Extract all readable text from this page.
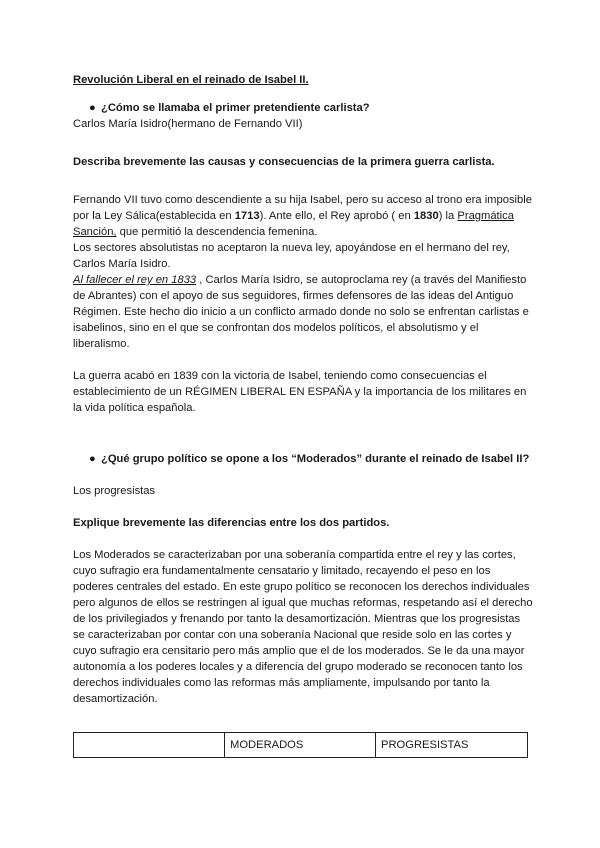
Revolución Liberal en el reinado de Isabel II.

● ¿Cómo se llamaba el primer pretendiente carlista?

Carlos María Isidro(hermano de Fernando VII)

Describa brevemente las causas y consecuencias de la primera guerra carlista.

Fernando VII tuvo como descendiente a su hija Isabel, pero su acceso al trono era imposible por la Ley Sálica(establecida en 1713). Ante ello, el Rey aprobó ( en 1830) la Pragmática Sanción, que permitió la descendencia femenina.

Los sectores absolutistas no aceptaron la nueva ley, apoyándose en el hermano del rey, Carlos María Isidro.

Al fallecer el rey en 1833 , Carlos María Isidro, se autoproclama rey (a través del Manifiesto de Abrantes) con el apoyo de sus seguidores, firmes defensores de las ideas del Antiguo Régimen. Este hecho dio inicio a un conflicto armado donde no solo se enfrentan carlistas e isabelinos, sino en el que se confrontan dos modelos políticos, el absolutismo y el liberalismo.

La guerra acabó en 1839 con la victoria de Isabel, teniendo como consecuencias el establecimiento de un RÉGIMEN LIBERAL EN ESPAÑA y la importancia de los militares en la vida política española.

● ¿Qué grupo político se opone a los “Moderados” durante el reinado de Isabel II?

Los progresistas

Explique brevemente las diferencias entre los dos partidos.

Los Moderados se caracterizaban por una soberanía compartida entre el rey y las cortes, cuyo sufragio era fundamentalmente censatario y limitado, recayendo el peso en los poderes centrales del estado. En este grupo político se reconocen los derechos individuales pero algunos de ellos se restringen al igual que muchas reformas, respetando así el derecho de los privilegiados y frenando por tanto la desamortización. Mientras que los progresistas se caracterizaban por contar con una soberanía Nacional que reside solo en las cortes y cuyo sufragio era censitario pero más amplio que el de los moderados. Se le da una mayor autonomía a los poderes locales y a diferencia del grupo moderado se reconocen tanto los derechos individuales como las reformas más ampliamente, impulsando por tanto la desamortización.

	MODERADOS	PROGRESISTAS
